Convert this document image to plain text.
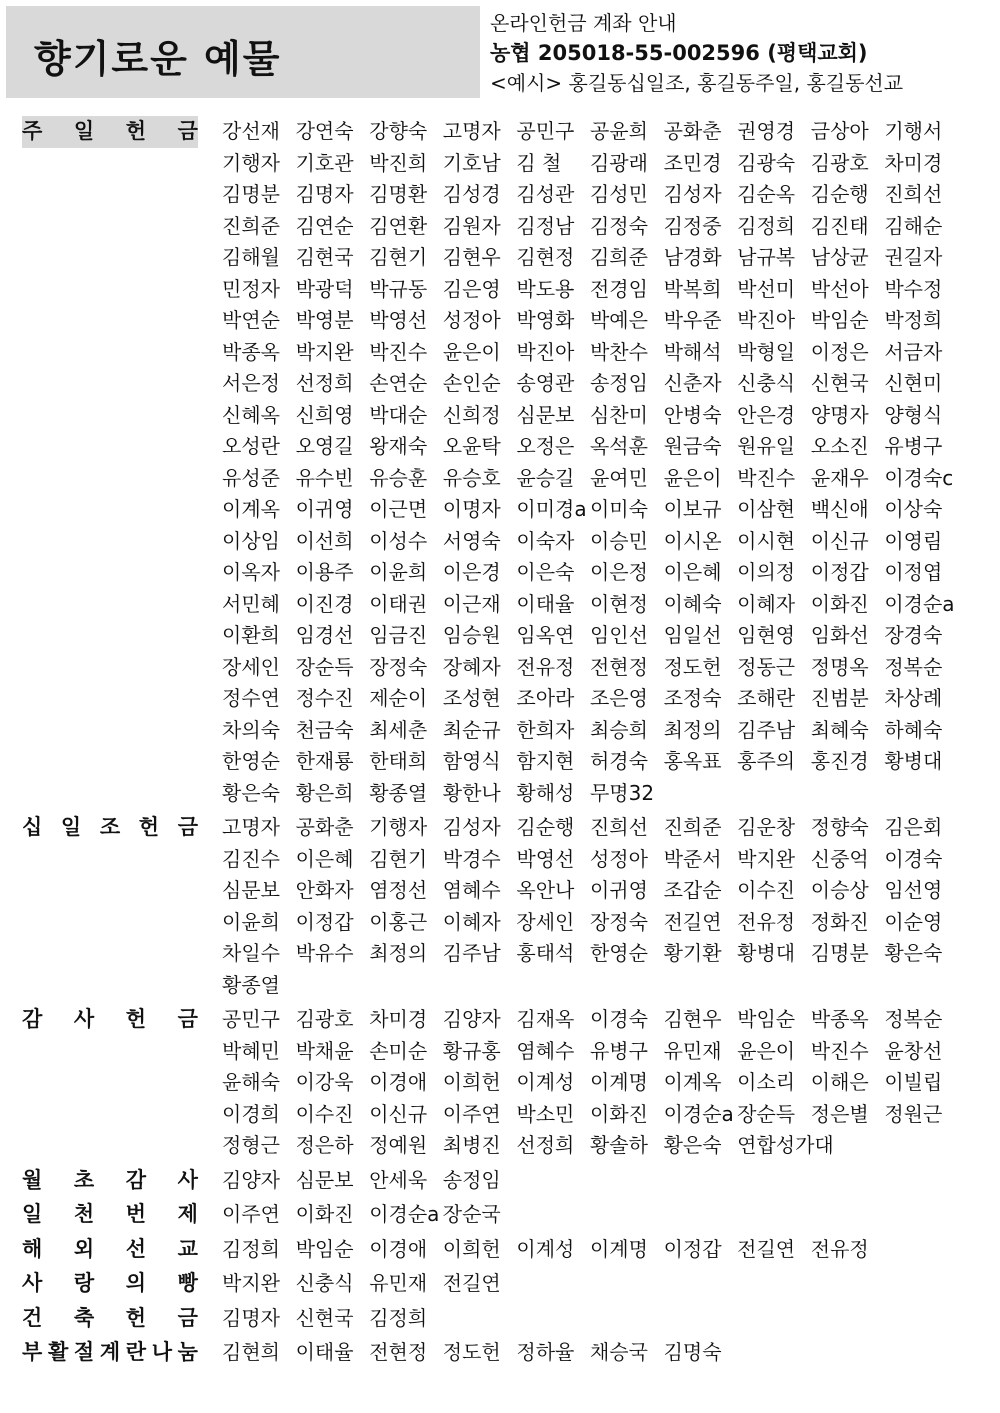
향기로운 예물
온라인헌금 계좌 안내
농협 205018-55-002596 (평택교회)
<예시> 홍길동십일조, 홍길동주일, 홍길동선교
주 일 헌 금 강선재 강연숙 강향숙 고명자 공민구 공윤희 공화춘 권영경 금상아 기행서
기행자 기호관 박진희 기호남 김 철	김광래 조민경 김광숙 김광호 차미경
김명분 김명자 김명환 김성경 김성관 김성민 김성자 김순옥 김순행 진희선
진희준 김연순 김연환 김원자 김정남 김정숙 김정중 김정희 김진태 김해순
김해월 김현국 김현기 김현우 김현정 김희준 남경화 남규복 남상균 권길자
민정자 박광덕 박규동 김은영 박도용 전경임 박복희 박선미 박선아 박수정
박연순 박영분 박영선 성정아 박영화 박예은 박우준 박진아 박임순 박정희
박종옥 박지완 박진수 윤은이 박진아 박찬수 박해석 박형일 이정은 서금자
서은정 선정희 손연순 손인순 송영관 송정임 신춘자 신충식 신현국 신현미
신혜옥 신희영 박대순 신희정 심문보 심찬미 안병숙 안은경 양명자 양형식
오성란 오영길 왕재숙 오윤탁 오정은 옥석훈 원금숙 원유일 오소진 유병구
유성준 유수빈 유승훈 유승호 윤승길 윤여민 윤은이 박진수 윤재우 이경숙c
이계옥 이귀영 이근면 이명자 이미경a 이미숙 이보규 이삼현 백신애 이상숙
이상임 이선희 이성수 서영숙 이숙자 이승민 이시온 이시현 이신규 이영림
이옥자 이용주 이윤희 이은경 이은숙 이은정 이은혜 이의정 이정갑 이정엽
서민혜 이진경 이태권 이근재 이태율 이현정 이혜숙 이혜자 이화진 이경순a
이환희 임경선 임금진 임승원 임옥연 임인선 임일선 임현영 임화선 장경숙
장세인 장순득 장정숙 장혜자 전유정 전현정 정도헌 정동근 정명옥 정복순
정수연 정수진 제순이 조성현 조아라 조은영 조정숙 조해란 진범분 차상례
차의숙 천금숙 최세춘 최순규 한희자 최승희 최정의 김주남 최혜숙 하혜숙
한영순 한재룡 한태희 함영식 함지현 허경숙 홍옥표 홍주의 홍진경 황병대
황은숙 황은희 황종열 황한나 황해성 무명32
십 일 조 헌 금 고명자 공화춘 기행자 김성자 김순행 진희선 진희준 김운창 정향숙 김은회
김진수 이은혜 김현기 박경수 박영선 성정아 박준서 박지완 신중억 이경숙
심문보 안화자 염정선 염혜수 옥안나 이귀영 조갑순 이수진 이승상 임선영
이윤희 이정갑 이홍근 이혜자 장세인 장정숙 전길연 전유정 정화진 이순영
차일수 박유수 최정의 김주남 홍태석 한영순 황기환 황병대 김명분 황은숙
황종열
감 사 헌 금 공민구 김광호 차미경 김양자 김재옥 이경숙 김현우 박임순 박종옥 정복순
박혜민 박채윤 손미순 황규홍 염혜수 유병구 유민재 윤은이 박진수 윤창선
윤해숙 이강욱 이경애 이희헌 이계성 이계명 이계옥 이소리 이해은 이빌립
이경희 이수진 이신규 이주연 박소민 이화진 이경순a 장순득 정은별 정원근
정형근 정은하 정예원 최병진 선정희 황솔하 황은숙 연합성가대
월 초 감 사 김양자 심문보 안세욱 송정임
일 천 번 제 이주연 이화진 이경순a 장순국
해 외 선 교 김정희 박임순 이경애 이희헌 이계성 이계명 이정갑 전길연 전유정
사 랑 의 빵 박지완 신충식 유민재 전길연
건 축 헌 금 김명자 신현국 김정희
부 활 절 계 란 나 눔 김현희 이태율 전현정 정도헌 정하율 채승국 김명숙
